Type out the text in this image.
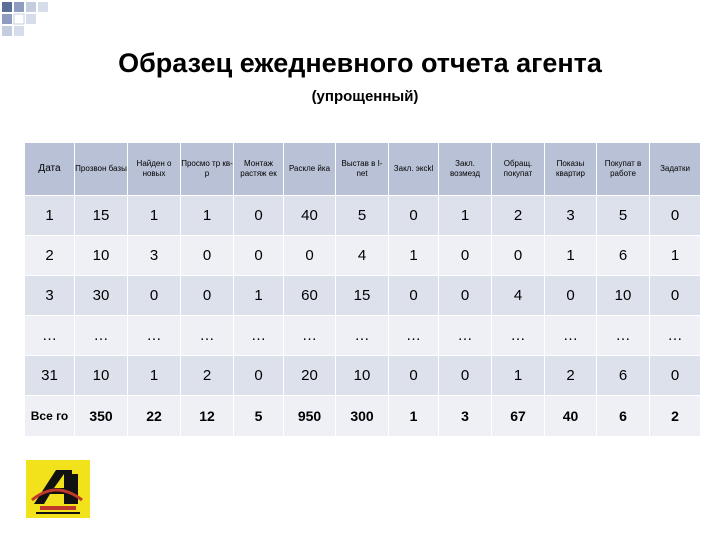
Образец ежедневного отчета агента
(упрощенный)
Дата	Прозвон базы	Найден о новых	Просмо тр кв-р	Монтаж растяж ек	Раскле йка	Выстав в I-net	Закл. эксkl	Закл. возмезд	Обращ. покупат	Показы квартир	Покупат в работе	Задатки
1	15	1	1	0	40	5	0	1	2	3	5	0
2	10	3	0	0	0	4	1	0	0	1	6	1
3	30	0	0	1	60	15	0	0	4	0	10	0
…	…	…	…	…	…	…	…	…	…	…	…	…
31	10	1	2	0	20	10	0	0	1	2	6	0
Все го	350	22	12	5	950	300	1	3	67	40	6	2
